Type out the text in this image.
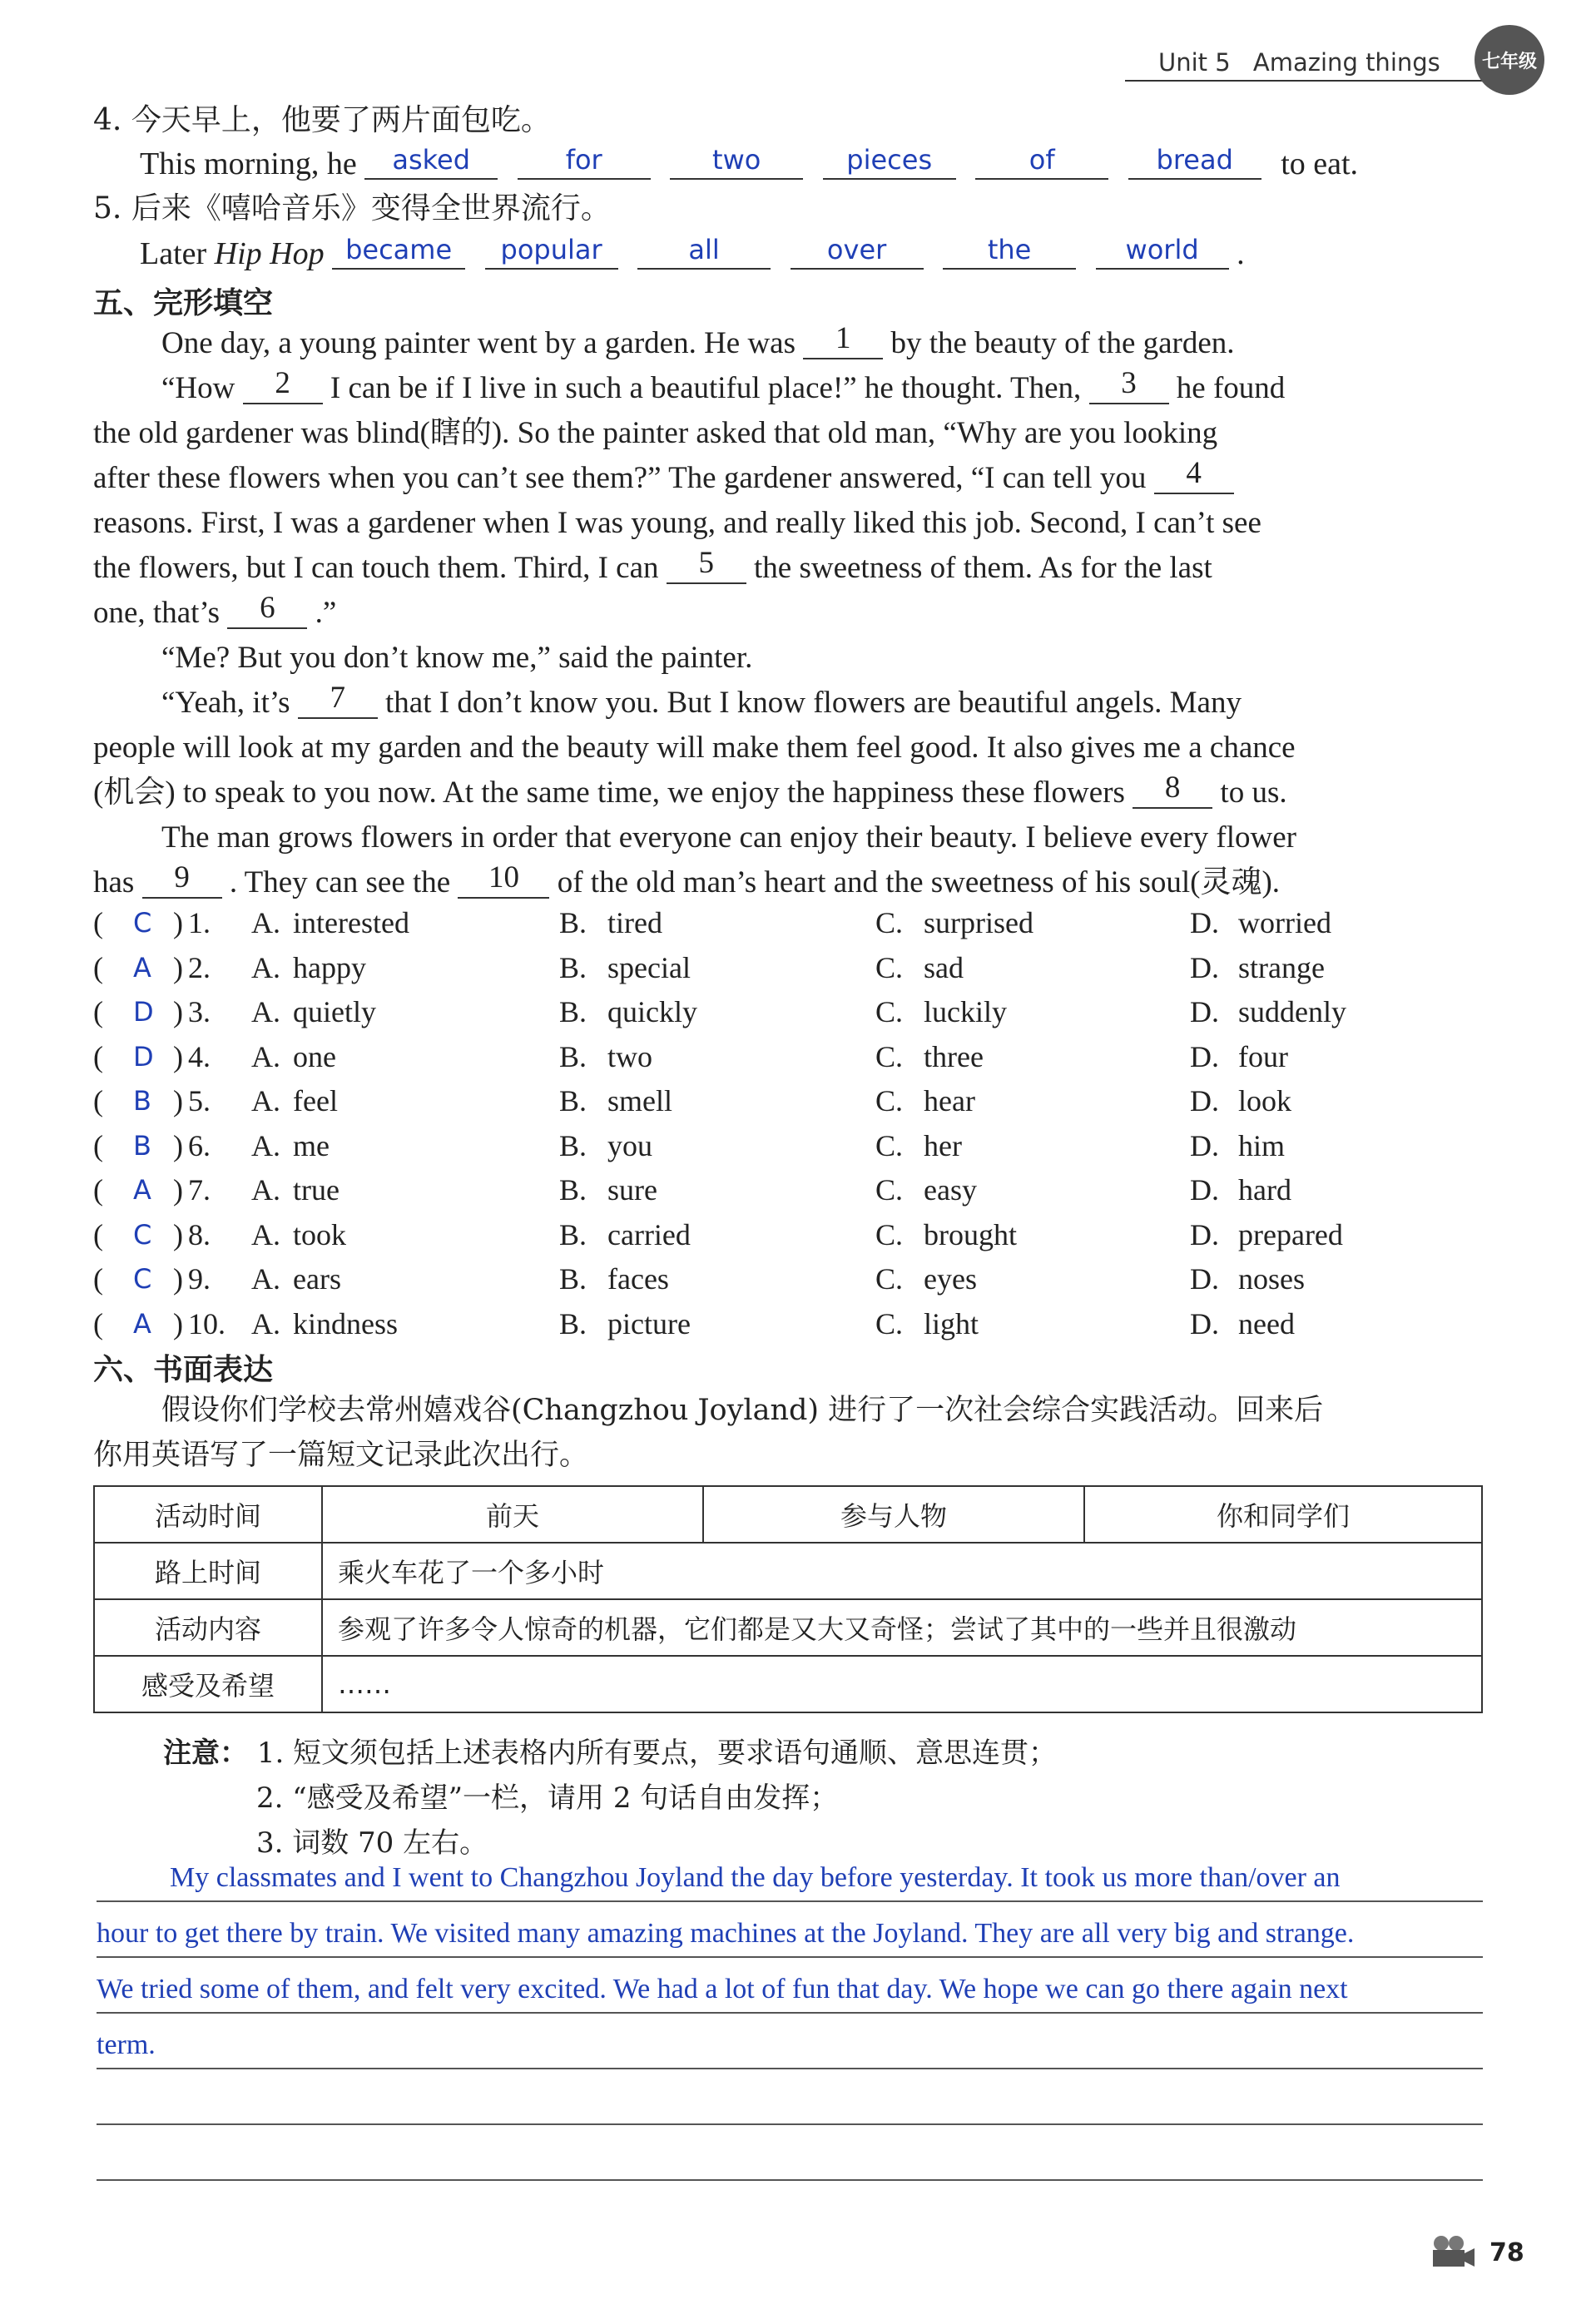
Unit 5 Amazing things 七年级
4. 今天早上，他要了两片面包吃。
This morning, he asked	for	two	pieces	of	bread to eat.
5. 后来《嘻哈音乐》变得全世界流行。
Later Hip Hop became popular	all	over	the	world .
五、完形填空
One day, a young painter went by a garden. He was 1 by the beauty of the garden.
“How 2 I can be if I live in such a beautiful place!” he thought. Then, 3 he found
the old gardener was blind(瞎的). So the painter asked that old man, “Why are you looking
after these flowers when you can’t see them?” The gardener answered, “I can tell you 4
reasons. First, I was a gardener when I was young, and really liked this job. Second, I can’t see
the flowers, but I can touch them. Third, I can 5 the sweetness of them. As for the last
one, that’s 6 .”
“Me? But you don’t know me,” said the painter.
“Yeah, it’s 7 that I don’t know you. But I know flowers are beautiful angels. Many
people will look at my garden and the beauty will make them feel good. It also gives me a chance
(机会) to speak to you now. At the same time, we enjoy the happiness these flowers 8 to us.
The man grows flowers in order that everyone can enjoy their beauty. I believe every flower
has 9 . They can see the 10 of the old man’s heart and the sweetness of his soul(灵魂).
( C ) 1. A. interested	B. tired	C. surprised	D. worried
( A ) 2. A. happy	B. special	C. sad	D. strange
( D ) 3. A. quietly	B. quickly	C. luckily	D. suddenly
( D ) 4. A. one	B. two	C. three	D. four
( B ) 5. A. feel	B. smell	C. hear	D. look
( B ) 6. A. me	B. you	C. her	D. him
( A ) 7. A. true	B. sure	C. easy	D. hard
( C ) 8. A. took	B. carried	C. brought	D. prepared
( C ) 9. A. ears	B. faces	C. eyes	D. noses
( A ) 10. A. kindness	B. picture	C. light	D. need
六、书面表达
假设你们学校去常州嬉戏谷(Changzhou Joyland) 进行了一次社会综合实践活动。回来后
你用英语写了一篇短文记录此次出行。
活动时间	前天	参与人物	你和同学们
路上时间	乘火车花了一个多小时		
活动内容	参观了许多令人惊奇的机器，它们都是又大又奇怪；尝试了其中的一些并且很激动		
感受及希望	……		
注意： 1. 短文须包括上述表格内所有要点，要求语句通顺、意思连贯；
2. “感受及希望”一栏，请用 2 句话自由发挥；
3. 词数 70 左右。
My classmates and I went to Changzhou Joyland the day before yesterday. It took us more than/over an
hour to get there by train. We visited many amazing machines at the Joyland. They are all very big and strange.
We tried some of them, and felt very excited. We had a lot of fun that day. We hope we can go there again next
term.
78
